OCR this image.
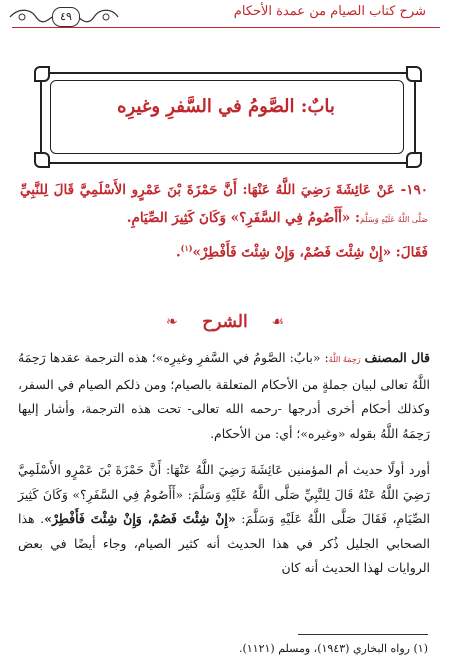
شرح كتاب الصيام من عمدة الأحكام
٤٩
بابٌ: الصَّومُ في السَّفرِ وغيرِه
١٩٠- عَنْ عَائِشَةَ رَضِيَ اللَّهُ عَنْهَا: أَنَّ حَمْزَةَ بْنَ عَمْرٍو الأَسْلَمِيَّ قَالَ لِلنَّبِيِّ صَلَّى اللَّهُ عَلَيْهِ وَسَلَّمَ: «أَأَصُومُ فِي السَّفَرِ؟» وَكَانَ كَثِيرَ الصِّيَامِ.
فَقَالَ: «إِنْ شِئْتَ فَصُمْ، وَإِنْ شِئْتَ فَأَفْطِرْ»$^{(١)}$.
❧ الشرح ☙

قال المصنف رَحِمَهُ اللَّهُ: «بابٌ: الصَّومُ في السَّفرِ وغيرِه»؛ هذه الترجمة عقدها رَحِمَهُ اللَّهُ تعالى لبيان جملةٍ من الأحكام المتعلقة بالصيام؛ ومن ذلكم الصيام في السفر، وكذلك أحكام أخرى أدرجها -رحمه الله تعالى- تحت هذه الترجمة، وأشار إليها رَحِمَهُ اللَّهُ بقوله «وغيره»؛ أي: من الأحكام.

أورد أولًا حديث أم المؤمنين عَائِشَةَ رَضِيَ اللَّهُ عَنْهَا: أَنَّ حَمْزَةَ بْنَ عَمْرٍو الأَسْلَمِيَّ رَضِيَ اللَّهُ عَنْهُ قَالَ لِلنَّبِيِّ صَلَّى اللَّهُ عَلَيْهِ وَسَلَّمَ: «أَأَصُومُ فِي السَّفَرِ؟» وَكَانَ كَثِيرَ الصِّيَامِ، فَقَالَ صَلَّى اللَّهُ عَلَيْهِ وَسَلَّمَ: «إِنْ شِئْتَ فَصُمْ، وَإِنْ شِئْتَ فَأَفْطِرْ». هذا الصحابي الجليل ذُكر في هذا الحديث أنه كثير الصيام، وجاء أيضًا في بعض الروايات لهذا الحديث أنه كان

(١) رواه البخاري (١٩٤٣)، ومسلم (١١٢١).
